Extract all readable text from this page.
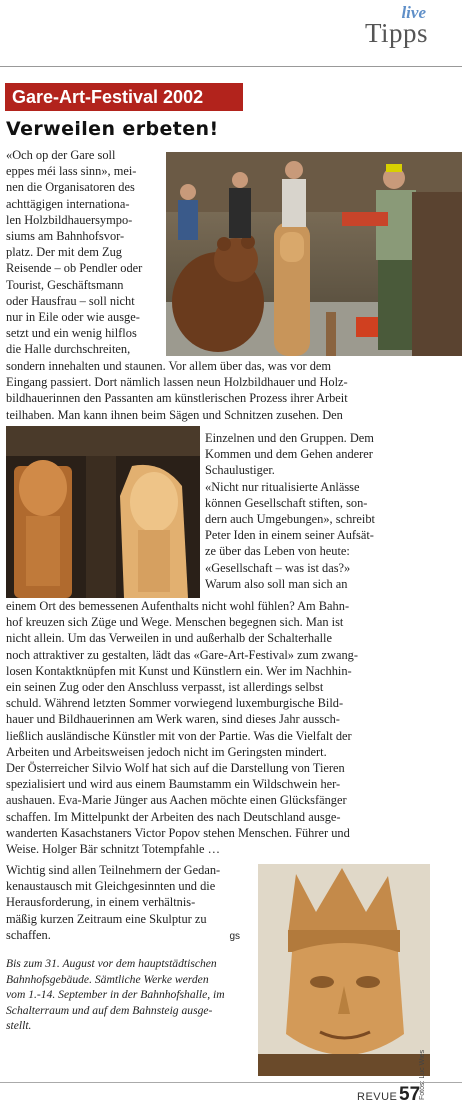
live
Tipps
Gare-Art-Festival 2002
Verweilen erbeten!

«Och op der Gare soll
eppes méi lass sinn», mei-
nen die Organisatoren des
achttägigen internationa-
len Holzbildhauersympo-
siums am Bahnhofsvor-
platz. Der mit dem Zug
Reisende – ob Pendler oder
Tourist, Geschäftsmann
oder Hausfrau – soll nicht
nur in Eile oder wie ausge-
setzt und ein wenig hilflos
die Halle durchschreiten,

sondern innehalten und staunen. Vor allem über das, was vor dem
Eingang passiert. Dort nämlich lassen neun Holzbildhauer und Holz-
bildhauerinnen den Passanten am künstlerischen Prozess ihrer Arbeit
teilhaben. Man kann ihnen beim Sägen und Schnitzen zusehen. Den

Einzelnen und den Gruppen. Dem
Kommen und dem Gehen anderer
Schaulustiger.
«Nicht nur ritualisierte Anlässe
können Gesellschaft stiften, son-
dern auch Umgebungen», schreibt
Peter Iden in einem seiner Aufsät-
ze über das Leben von heute:
«Gesellschaft – was ist das?»
Warum also soll man sich an

einem Ort des bemessenen Aufenthalts nicht wohl fühlen? Am Bahn-
hof kreuzen sich Züge und Wege. Menschen begegnen sich. Man ist
nicht allein. Um das Verweilen in und außerhalb der Schalterhalle
noch attraktiver zu gestalten, lädt das «Gare-Art-Festival» zum zwang-
losen Kontaktknüpfen mit Kunst und Künstlern ein. Wer im Nachhin-
ein seinen Zug oder den Anschluss verpasst, ist allerdings selbst
schuld. Während letzten Sommer vorwiegend luxemburgische Bild-
hauer und Bildhauerinnen am Werk waren, sind dieses Jahr aussch-
ließlich ausländische Künstler mit von der Partie. Was die Vielfalt der
Arbeiten und Arbeitsweisen jedoch nicht im Geringsten mindert.
Der Österreicher Silvio Wolf hat sich auf die Darstellung von Tieren
spezialisiert und wird aus einem Baumstamm ein Wildschwein her-
aushauen. Eva-Marie Jünger aus Aachen möchte einen Glücksfänger
schaffen. Im Mittelpunkt der Arbeiten des nach Deutschland ausge-
wanderten Kasachstaners Victor Popov stehen Menschen. Führer und
Weise. Holger Bär schnitzt Totempfahle …

Wichtig sind allen Teilnehmern der Gedan-
kenaustausch mit Gleichgesinnten und die
Herausforderung, in einem verhältnis-
mäßig kurzen Zeitraum eine Skulptur zu
schaffen.	gs

Bis zum 31. August vor dem hauptstädtischen
Bahnhofsgebäude. Sämtliche Werke werden
vom 1.-14. September in der Bahnhofshalle, im
Schalterraum und auf dem Bahnsteig ausge-
stellt.

Fotos: Luc Wies
REVUE 57
